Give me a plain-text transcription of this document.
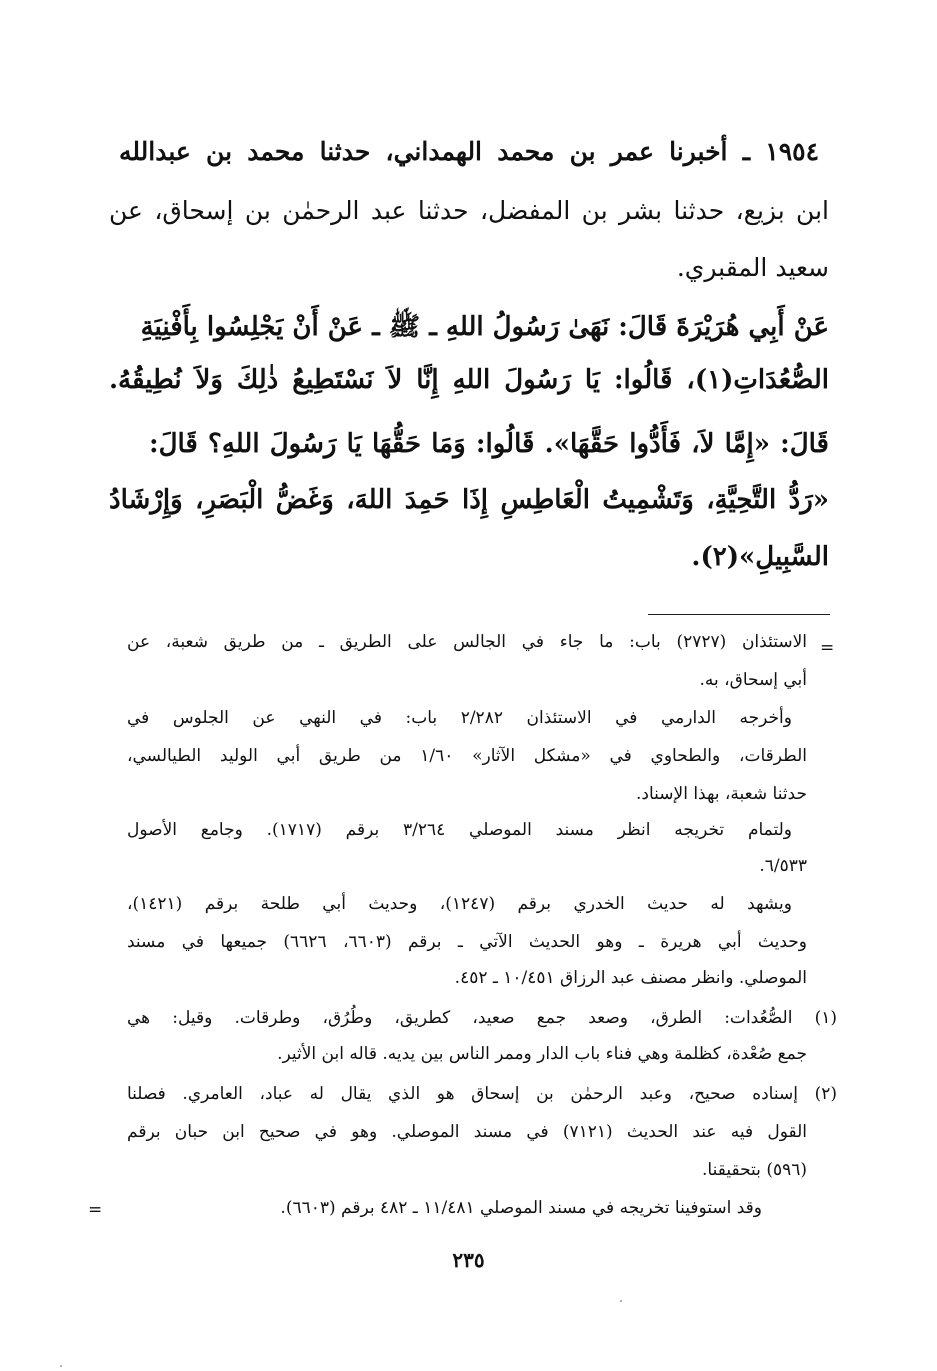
١٩٥٤ ـ أخبرنا عمر بن محمد الهمداني، حدثنا محمد بن عبدالله
ابن بزيع، حدثنا بشر بن المفضل، حدثنا عبد الرحمٰن بن إسحاق، عن
سعيد المقبري.
عَنْ أَبِي هُرَيْرَةَ قَالَ: نَهَىٰ رَسُولُ اللهِ ـ ﷺ ـ عَنْ أَنْ يَجْلِسُوا بِأَفْنِيَةِ
الصُّعُدَاتِ(١)، قَالُوا: يَا رَسُولَ اللهِ إِنَّا لاَ نَسْتَطِيعُ ذٰلِكَ وَلاَ نُطِيقُهُ.
قَالَ: «إِمَّا لاَ، فَأَدُّوا حَقَّهَا». قَالُوا: وَمَا حَقُّهَا يَا رَسُولَ اللهِ؟ قَالَ:
«رَدُّ التَّحِيَّةِ، وَتَشْمِيتُ الْعَاطِسِ إِذَا حَمِدَ اللهَ، وَغَضُّ الْبَصَرِ، وَإِرْشَادُ
السَّبِيلِ»(٢).
=
الاستئذان (٢٧٢٧) باب: ما جاء في الجالس على الطريق ـ من طريق شعبة، عن
أبي إسحاق، به.
وأخرجه الدارمي في الاستئذان ٢/٢٨٢ باب: في النهي عن الجلوس في
الطرقات، والطحاوي في «مشكل الآثار» ١/٦٠ من طريق أبي الوليد الطيالسي،
حدثنا شعبة، بهذا الإسناد.
ولتمام تخريجه انظر مسند الموصلي ٣/٢٦٤ برقم (١٧١٧). وجامع الأصول
٦/٥٣٣.
ويشهد له حديث الخدري برقم (١٢٤٧)، وحديث أبي طلحة برقم (١٤٢١)،
وحديث أبي هريرة ـ وهو الحديث الآتي ـ برقم (٦٦٠٣، ٦٦٢٦) جميعها في مسند
الموصلي. وانظر مصنف عبد الرزاق ١٠/٤٥١ ـ ٤٥٢.
(١) الصُّعُدات: الطرق، وصعد جمع صعيد، كطريق، وطُرُق، وطرقات. وقيل: هي
جمع صُعْدة، كظلمة وهي فناء باب الدار وممر الناس بين يديه. قاله ابن الأثير.
(٢) إسناده صحيح، وعبد الرحمٰن بن إسحاق هو الذي يقال له عباد، العامري. فصلنا
القول فيه عند الحديث (٧١٢١) في مسند الموصلي. وهو في صحيح ابن حبان برقم
(٥٩٦) بتحقيقنا.
وقد استوفينا تخريجه في مسند الموصلي ١١/٤٨١ ـ ٤٨٢ برقم (٦٦٠٣).
=
٢٣٥
